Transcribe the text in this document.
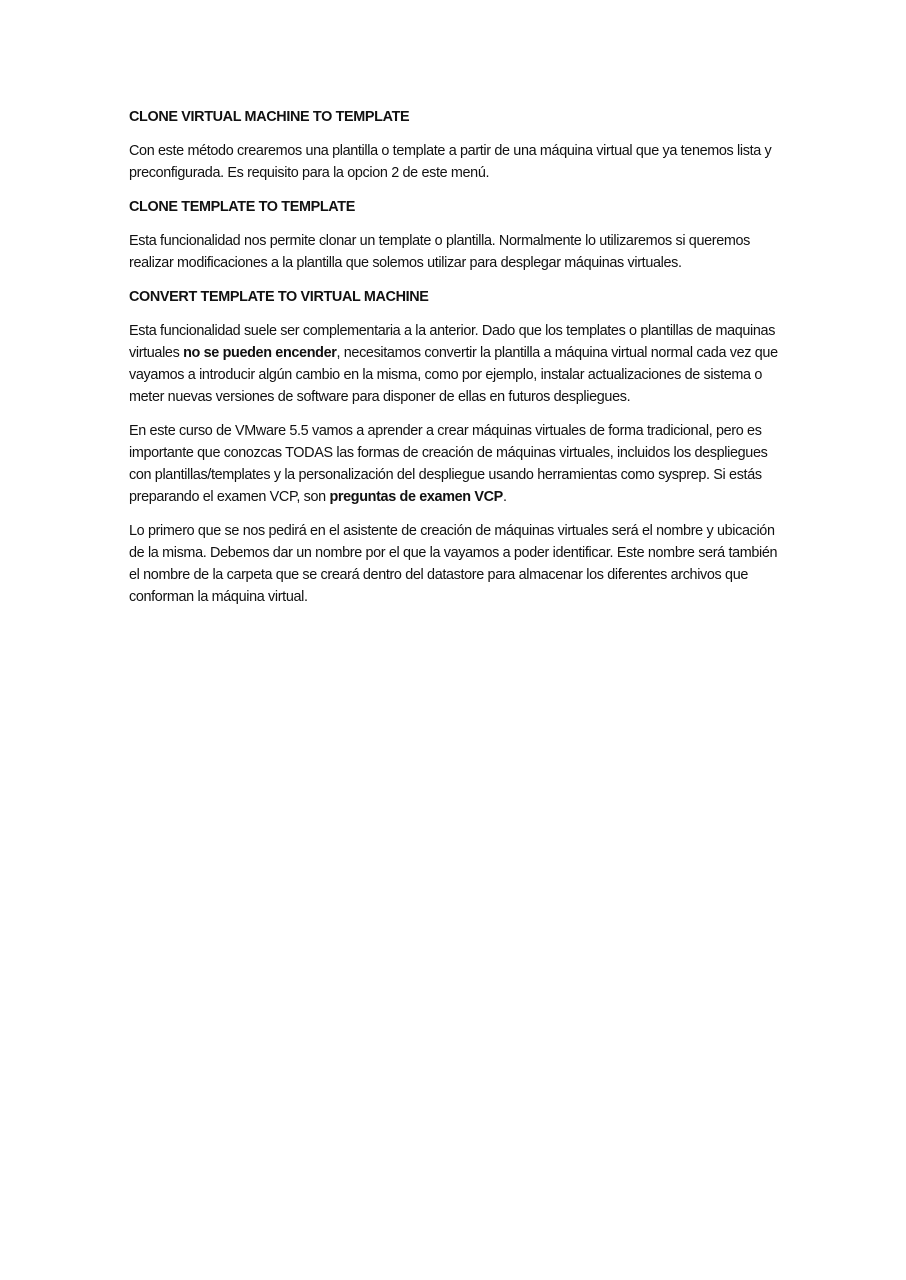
CLONE VIRTUAL MACHINE TO TEMPLATE
Con este método crearemos una plantilla o template a partir de una máquina virtual que ya tenemos lista y preconfigurada. Es requisito para la opcion 2 de este menú.
CLONE TEMPLATE TO TEMPLATE
Esta funcionalidad nos permite clonar un template o plantilla. Normalmente lo utilizaremos si queremos realizar modificaciones a la plantilla que solemos utilizar para desplegar máquinas virtuales.
CONVERT TEMPLATE TO VIRTUAL MACHINE
Esta funcionalidad suele ser complementaria a la anterior. Dado que los templates o plantillas de maquinas virtuales no se pueden encender, necesitamos convertir la plantilla a máquina virtual normal cada vez que vayamos a introducir algún cambio en la misma, como por ejemplo, instalar actualizaciones de sistema o meter nuevas versiones de software para disponer de ellas en futuros despliegues.
En este curso de VMware 5.5 vamos a aprender a crear máquinas virtuales de forma tradicional, pero es importante que conozcas TODAS las formas de creación de máquinas virtuales, incluidos los despliegues con plantillas/templates y la personalización del despliegue usando herramientas como sysprep. Si estás preparando el examen VCP, son preguntas de examen VCP.
Lo primero que se nos pedirá en el asistente de creación de máquinas virtuales será el nombre y ubicación de la misma. Debemos dar un nombre por el que la vayamos a poder identificar. Este nombre será también el nombre de la carpeta que se creará dentro del datastore para almacenar los diferentes archivos que conforman la máquina virtual.
